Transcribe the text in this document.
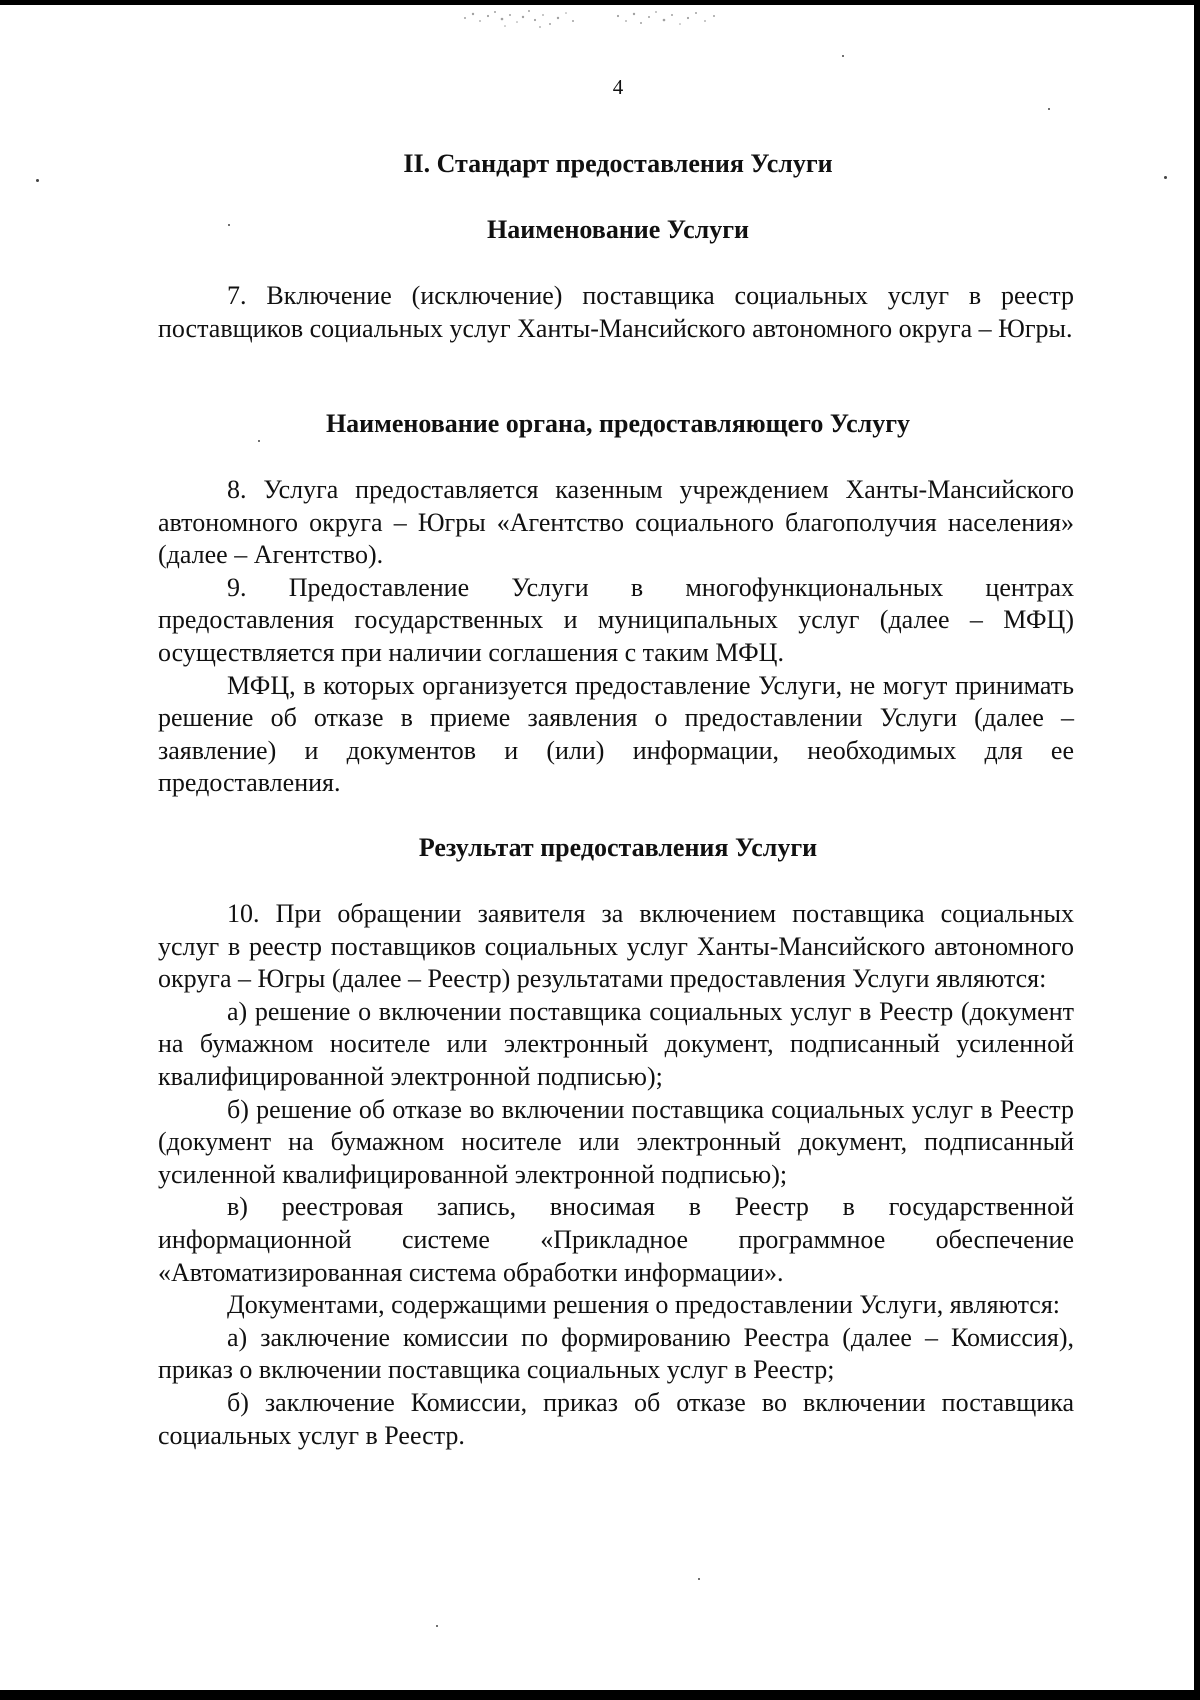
4
II. Стандарт предоставления Услуги
Наименование Услуги

7. Включение (исключение) поставщика социальных услуг в реестр поставщиков социальных услуг Ханты-Мансийского автономного округа – Югры.

Наименование органа, предоставляющего Услугу

8. Услуга предоставляется казенным учреждением Ханты-Мансийского автономного округа – Югры «Агентство социального благополучия населения» (далее – Агентство).

9. Предоставление Услуги в многофункциональных центрах предоставления государственных и муниципальных услуг (далее – МФЦ) осуществляется при наличии соглашения с таким МФЦ.

МФЦ, в которых организуется предоставление Услуги, не могут принимать решение об отказе в приеме заявления о предоставлении Услуги (далее – заявление) и документов и (или) информации, необходимых для ее предоставления.

Результат предоставления Услуги

10. При обращении заявителя за включением поставщика социальных услуг в реестр поставщиков социальных услуг Ханты-Мансийского автономного округа – Югры (далее – Реестр) результатами предоставления Услуги являются:

а) решение о включении поставщика социальных услуг в Реестр (документ на бумажном носителе или электронный документ, подписанный усиленной квалифицированной электронной подписью);

б) решение об отказе во включении поставщика социальных услуг в Реестр (документ на бумажном носителе или электронный документ, подписанный усиленной квалифицированной электронной подписью);

в) реестровая запись, вносимая в Реестр в государственной информационной системе «Прикладное программное обеспечение «Автоматизированная система обработки информации».

Документами, содержащими решения о предоставлении Услуги, являются:

а) заключение комиссии по формированию Реестра (далее – Комиссия), приказ о включении поставщика социальных услуг в Реестр;

б) заключение Комиссии, приказ об отказе во включении поставщика социальных услуг в Реестр.
